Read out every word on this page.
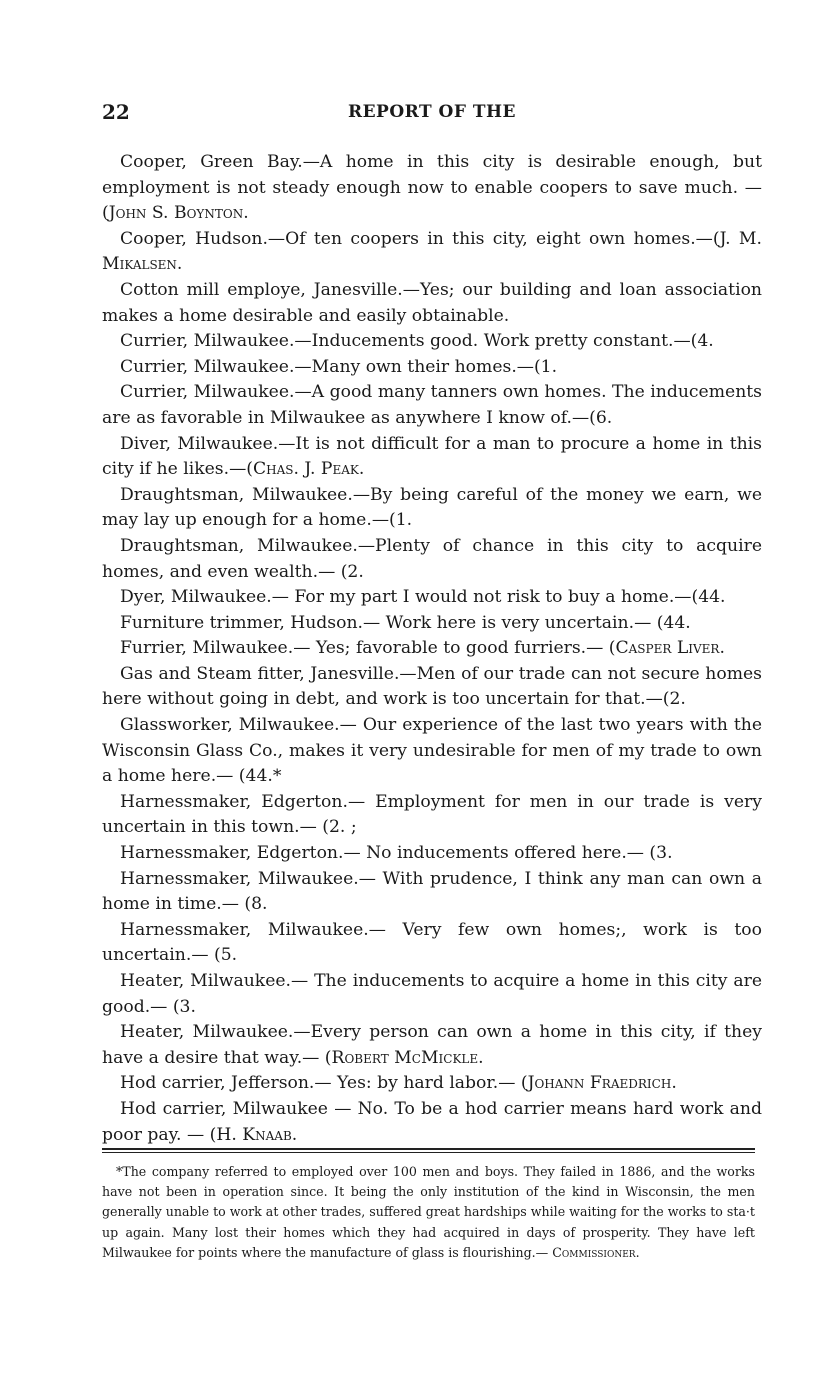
22	REPORT OF THE

Cooper, Green Bay.—A home in this city is desirable enough, but employment is not steady enough now to enable coopers to save much. —(John S. Boynton.

Cooper, Hudson.—Of ten coopers in this city, eight own homes.—(J. M. Mikalsen.

Cotton mill employe, Janesville.—Yes; our building and loan association makes a home desirable and easily obtainable.

Currier, Milwaukee.—Inducements good. Work pretty constant.—(4.

Currier, Milwaukee.—Many own their homes.—(1.

Currier, Milwaukee.—A good many tanners own homes. The inducements are as favorable in Milwaukee as anywhere I know of.—(6.

Diver, Milwaukee.—It is not difficult for a man to procure a home in this city if he likes.—(Chas. J. Peak.

Draughtsman, Milwaukee.—By being careful of the money we earn, we may lay up enough for a home.—(1.

Draughtsman, Milwaukee.—Plenty of chance in this city to acquire homes, and even wealth.— (2.

Dyer, Milwaukee.— For my part I would not risk to buy a home.—(44.

Furniture trimmer, Hudson.— Work here is very uncertain.— (44.

Furrier, Milwaukee.— Yes; favorable to good furriers.— (Casper Liver.

Gas and Steam fitter, Janesville.—Men of our trade can not secure homes here without going in debt, and work is too uncertain for that.—(2.

Glassworker, Milwaukee.— Our experience of the last two years with the Wisconsin Glass Co., makes it very undesirable for men of my trade to own a home here.— (44.*

Harnessmaker, Edgerton.— Employment for men in our trade is very uncertain in this town.— (2. ;

Harnessmaker, Edgerton.— No inducements offered here.— (3.

Harnessmaker, Milwaukee.— With prudence, I think any man can own a home in time.— (8.

Harnessmaker, Milwaukee.— Very few own homes;, work is too uncertain.— (5.

Heater, Milwaukee.— The inducements to acquire a home in this city are good.— (3.

Heater, Milwaukee.—Every person can own a home in this city, if they have a desire that way.— (Robert McMickle.

Hod carrier, Jefferson.— Yes: by hard labor.— (Johann Fraedrich.

Hod carrier, Milwaukee — No. To be a hod carrier means hard work and poor pay. — (H. Knaab.

*The company referred to employed over 100 men and boys. They failed in 1886, and the works have not been in operation since. It being the only institution of the kind in Wisconsin, the men generally unable to work at other trades, suffered great hardships while waiting for the works to sta·t up again. Many lost their homes which they had acquired in days of prosperity. They have left Milwaukee for points where the manufacture of glass is flourishing.— Commissioner.
